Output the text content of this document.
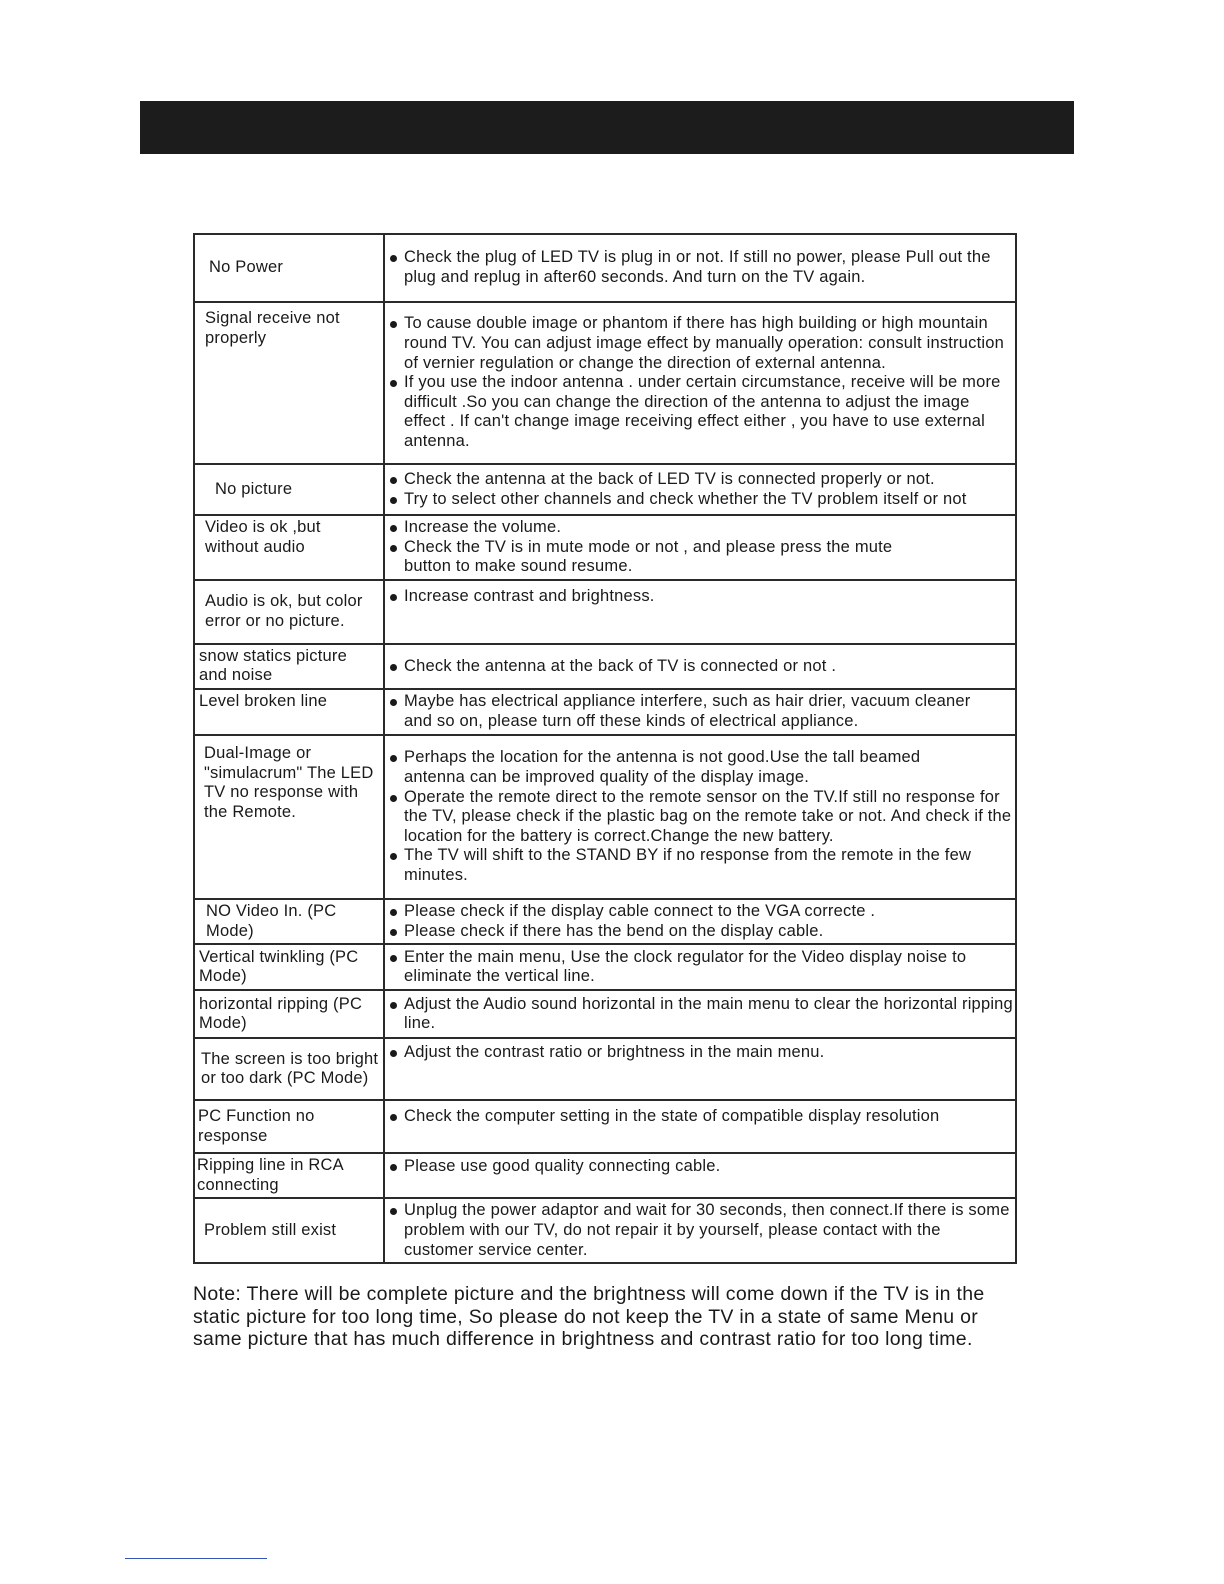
No Power	Check the plug of LED TV is plug in or not. If still no power, please Pull out the plug and replug in after60 seconds. And turn on the TV again.

Signal receive not properly	To cause double image or phantom if there has high building or high mountain round TV. You can adjust image effect by manually operation: consult instruction of vernier regulation or change the direction of external antenna.
If you use the indoor antenna . under certain circumstance, receive will be more difficult .So you can change the direction of the antenna to adjust the image effect . If can't change image receiving effect either , you have to use external antenna.

No picture	Check the antenna at the back of LED TV is connected properly or not.
Try to select other channels and check whether the TV problem itself or not

Video is ok ,but without audio	Increase the volume.
Check the TV is in mute mode or not , and please press the mute button to make sound resume.

Audio is ok, but color error or no picture.	Increase contrast and brightness.

snow statics picture and noise	Check the antenna at the back of TV is connected or not .

Level broken line	Maybe has electrical appliance interfere, such as hair drier, vacuum cleaner and so on, please turn off these kinds of electrical appliance.

Dual-Image or "simulacrum" The LED TV no response with the Remote.	Perhaps the location for the antenna is not good.Use the tall beamed antenna can be improved quality of the display image.
Operate the remote direct to the remote sensor on the TV.If still no response for the TV, please check if the plastic bag on the remote take or not. And check if the location for the battery is correct.Change the new battery.
The TV will shift to the STAND BY if no response from the remote in the few minutes.

NO Video In. (PC Mode)	Please check if the display cable connect to the VGA correcte .
Please check if there has the bend on the display cable.

Vertical twinkling (PC Mode)	Enter the main menu, Use the clock regulator for the Video display noise to eliminate the vertical line.

horizontal ripping (PC Mode)	Adjust the Audio sound horizontal in the main menu to clear the horizontal ripping line.

The screen is too bright or too dark (PC Mode)	Adjust the contrast ratio or brightness in the main menu.

PC Function no response	Check the computer setting in the state of compatible display resolution

Ripping line in RCA connecting	Please use good quality connecting cable.

Problem still exist	Unplug the power adaptor and wait for 30 seconds, then connect.If there is some problem with our TV, do not repair it by yourself, please contact with the customer service center.
Note: There will be complete picture and the brightness will come down if the TV is in the static picture for too long time, So please do not keep the TV in a state of same Menu or same picture that has much difference in brightness and contrast ratio for too long time.
